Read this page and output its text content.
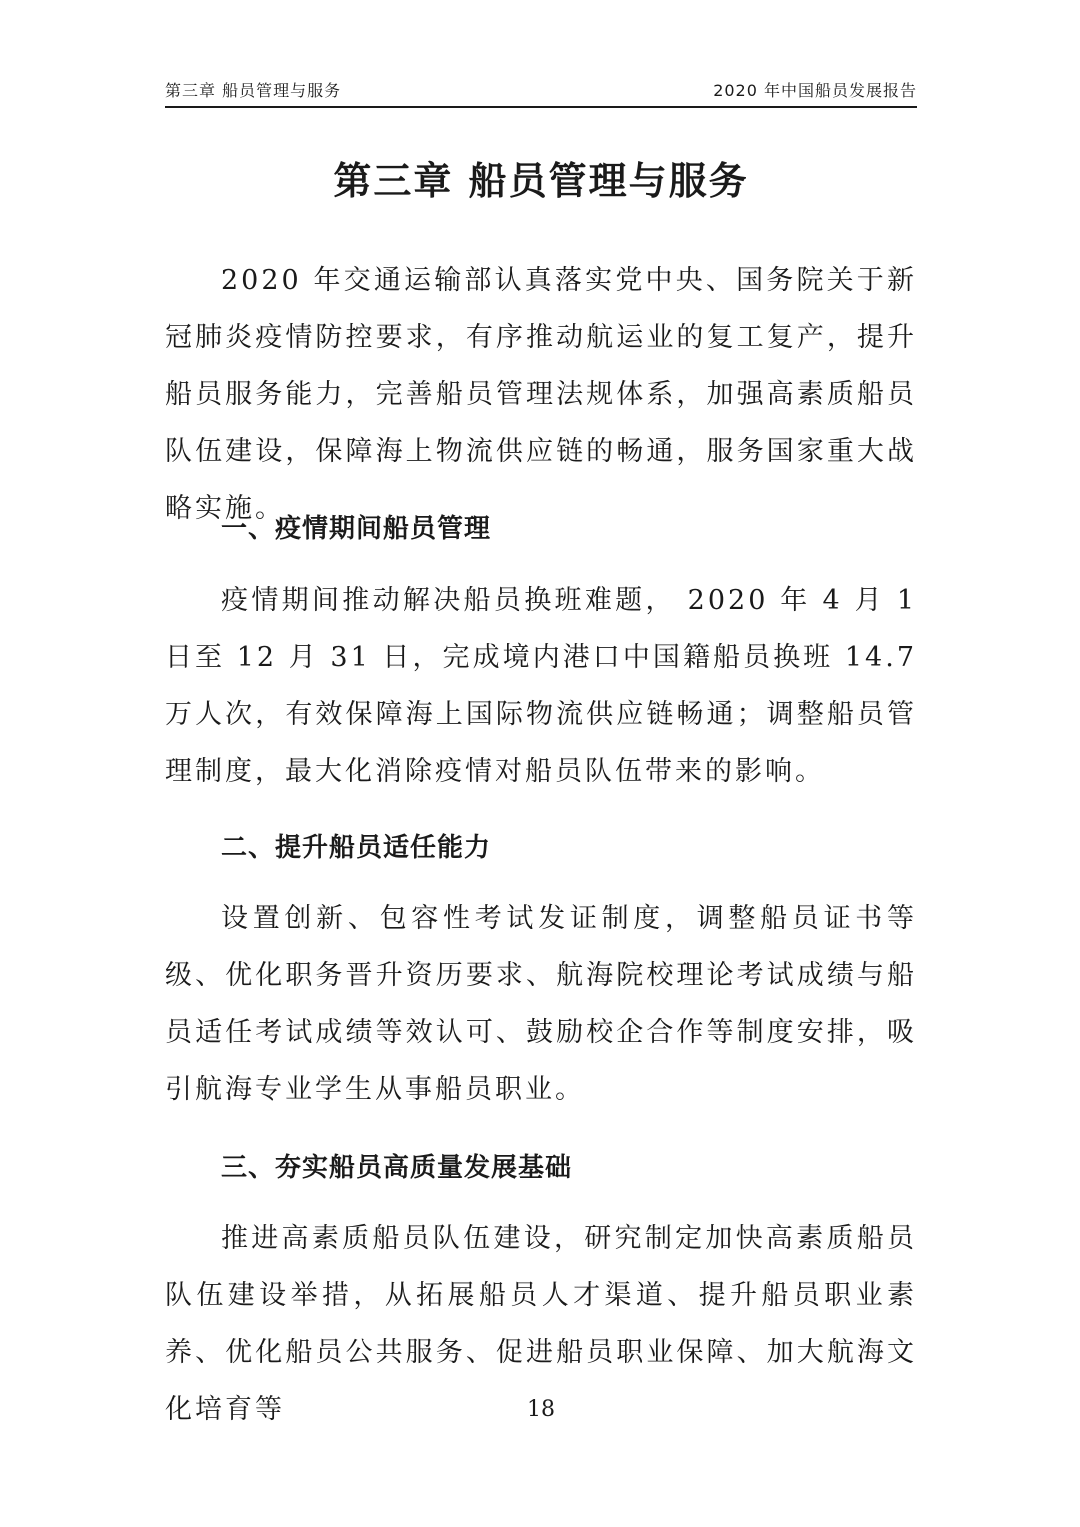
第三章 船员管理与服务	2020 年中国船员发展报告
第三章 船员管理与服务

2020 年交通运输部认真落实党中央、国务院关于新冠肺炎疫情防控要求，有序推动航运业的复工复产，提升船员服务能力，完善船员管理法规体系，加强高素质船员队伍建设，保障海上物流供应链的畅通，服务国家重大战略实施。

一、疫情期间船员管理

疫情期间推动解决船员换班难题， 2020 年 4 月 1 日至 12 月 31 日，完成境内港口中国籍船员换班 14.7 万人次，有效保障海上国际物流供应链畅通；调整船员管理制度，最大化消除疫情对船员队伍带来的影响。

二、提升船员适任能力

设置创新、包容性考试发证制度，调整船员证书等级、优化职务晋升资历要求、航海院校理论考试成绩与船员适任考试成绩等效认可、鼓励校企合作等制度安排，吸引航海专业学生从事船员职业。

三、夯实船员高质量发展基础

推进高素质船员队伍建设，研究制定加快高素质船员队伍建设举措，从拓展船员人才渠道、提升船员职业素养、优化船员公共服务、促进船员职业保障、加大航海文化培育等	18
